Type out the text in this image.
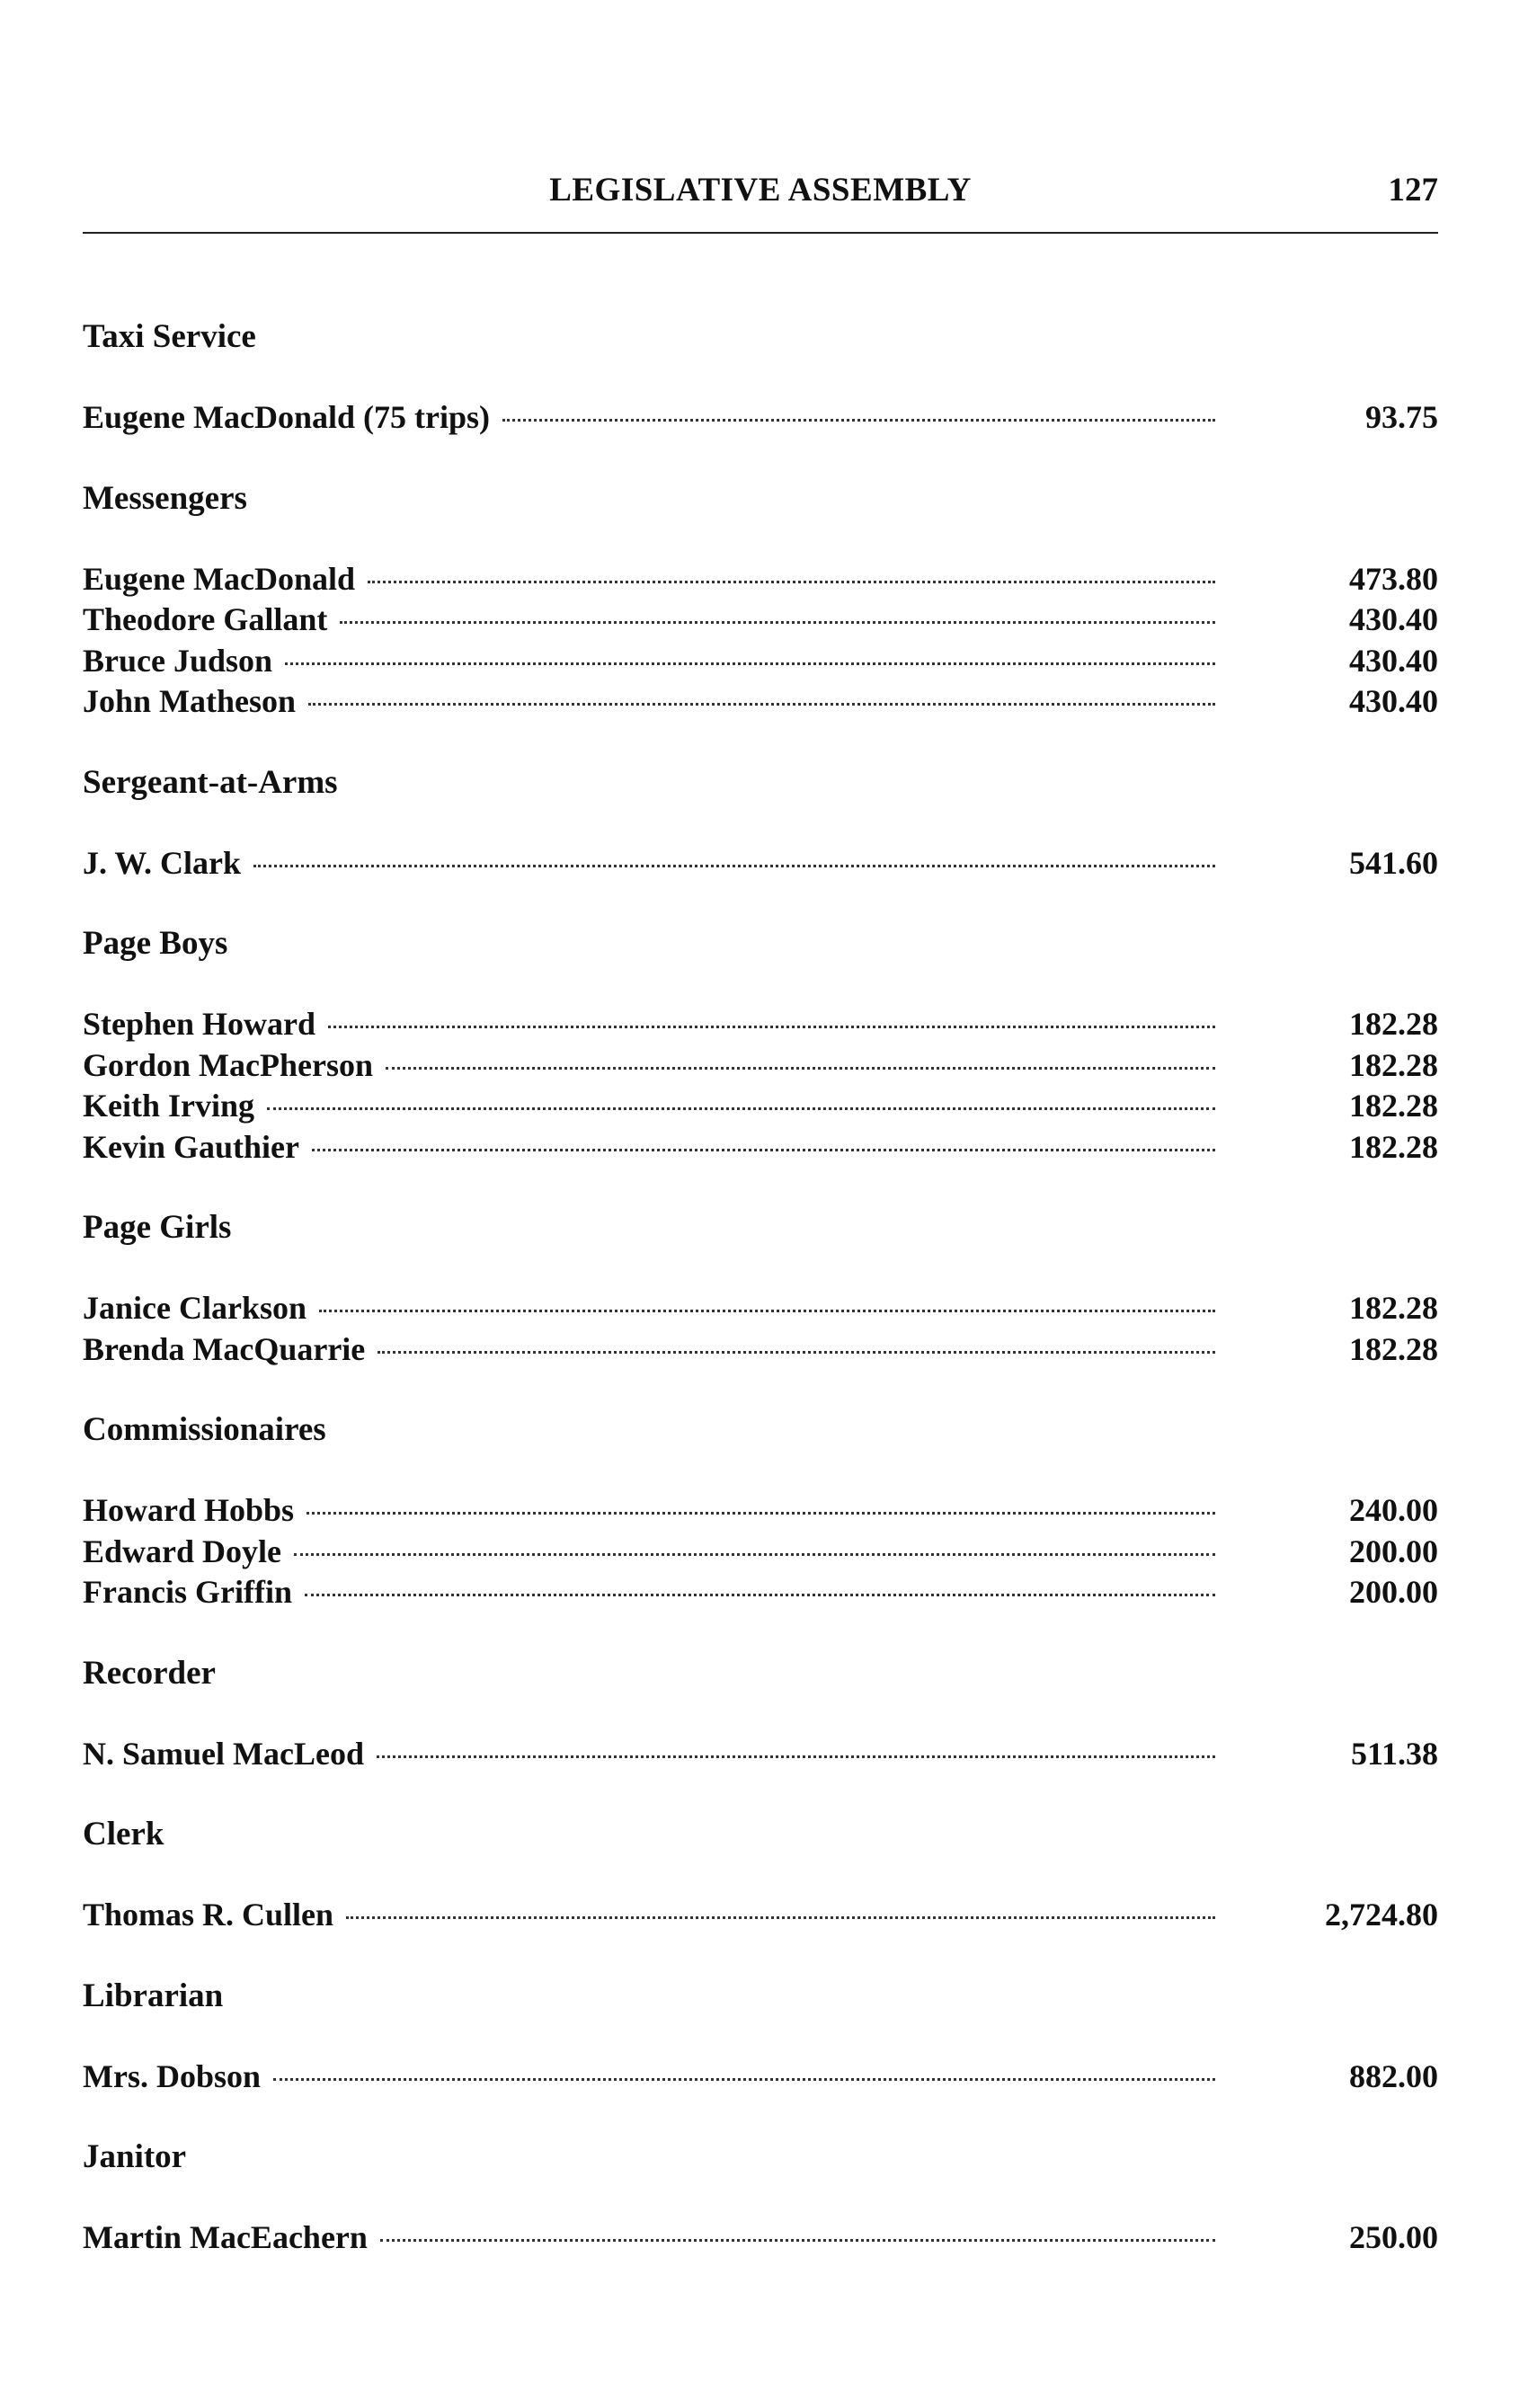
LEGISLATIVE ASSEMBLY	127
Taxi Service
Eugene MacDonald (75 trips)	93.75
Messengers
Eugene MacDonald	473.80
Theodore Gallant	430.40
Bruce Judson	430.40
John Matheson	430.40
Sergeant-at-Arms
J. W. Clark	541.60
Page Boys
Stephen Howard	182.28
Gordon MacPherson	182.28
Keith Irving	182.28
Kevin Gauthier	182.28
Page Girls
Janice Clarkson	182.28
Brenda MacQuarrie	182.28
Commissionaires
Howard Hobbs	240.00
Edward Doyle	200.00
Francis Griffin	200.00
Recorder
N. Samuel MacLeod	511.38
Clerk
Thomas R. Cullen	2,724.80
Librarian
Mrs. Dobson	882.00
Janitor
Martin MacEachern	250.00
